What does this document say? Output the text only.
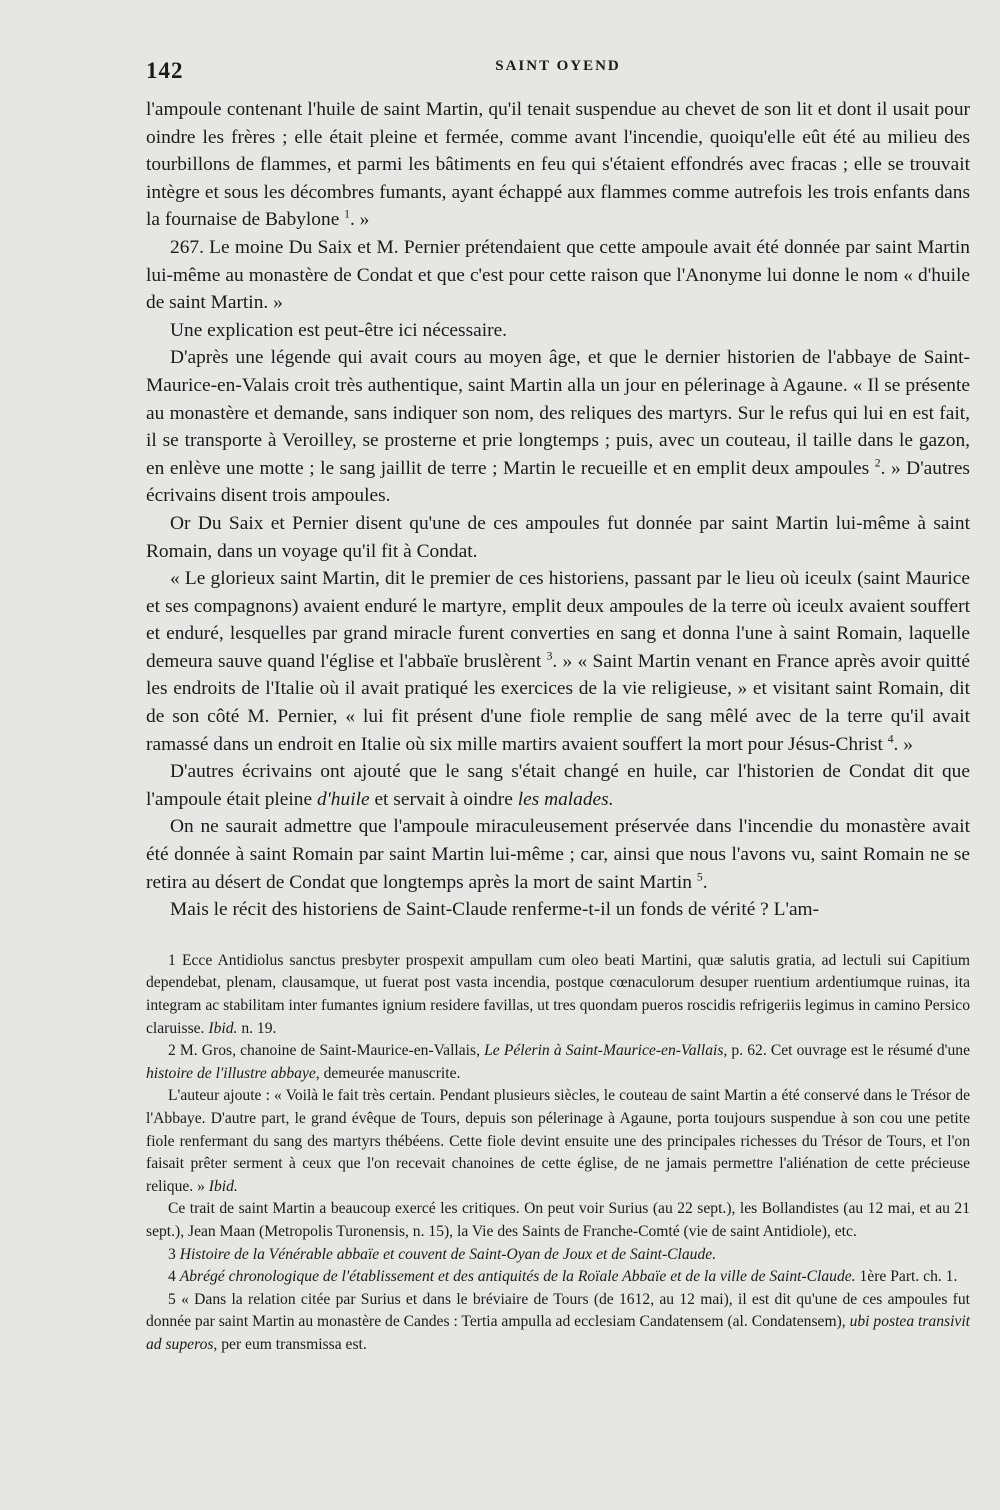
142	SAINT OYEND

l'ampoule contenant l'huile de saint Martin, qu'il tenait suspendue au chevet de son lit et dont il usait pour oindre les frères ; elle était pleine et fermée, comme avant l'incendie, quoiqu'elle eût été au milieu des tourbillons de flammes, et parmi les bâtiments en feu qui s'étaient effondrés avec fracas ; elle se trouvait intègre et sous les décombres fumants, ayant échappé aux flammes comme autrefois les trois enfants dans la fournaise de Babylone $^1$. »

267. Le moine Du Saix et M. Pernier prétendaient que cette ampoule avait été donnée par saint Martin lui-même au monastère de Condat et que c'est pour cette raison que l'Anonyme lui donne le nom « d'huile de saint Martin. »

Une explication est peut-être ici nécessaire.

D'après une légende qui avait cours au moyen âge, et que le dernier historien de l'abbaye de Saint-Maurice-en-Valais croit très authentique, saint Martin alla un jour en pélerinage à Agaune. « Il se présente au monastère et demande, sans indiquer son nom, des reliques des martyrs. Sur le refus qui lui en est fait, il se transporte à Veroilley, se prosterne et prie longtemps ; puis, avec un couteau, il taille dans le gazon, en enlève une motte ; le sang jaillit de terre ; Martin le recueille et en emplit deux ampoules $^2$. » D'autres écrivains disent trois ampoules.

Or Du Saix et Pernier disent qu'une de ces ampoules fut donnée par saint Martin lui-même à saint Romain, dans un voyage qu'il fit à Condat.

« Le glorieux saint Martin, dit le premier de ces historiens, passant par le lieu où iceulx (saint Maurice et ses compagnons) avaient enduré le martyre, emplit deux ampoules de la terre où iceulx avaient souffert et enduré, lesquelles par grand miracle furent converties en sang et donna l'une à saint Romain, laquelle demeura sauve quand l'église et l'abbaïe bruslèrent $^3$. » « Saint Martin venant en France après avoir quitté les endroits de l'Italie où il avait pratiqué les exercices de la vie religieuse, » et visitant saint Romain, dit de son côté M. Pernier, « lui fit présent d'une fiole remplie de sang mêlé avec de la terre qu'il avait ramassé dans un endroit en Italie où six mille martirs avaient souffert la mort pour Jésus-Christ $^4$. »

D'autres écrivains ont ajouté que le sang s'était changé en huile, car l'historien de Condat dit que l'ampoule était pleine d'huile et servait à oindre les malades.

On ne saurait admettre que l'ampoule miraculeusement préservée dans l'incendie du monastère avait été donnée à saint Romain par saint Martin lui-même ; car, ainsi que nous l'avons vu, saint Romain ne se retira au désert de Condat que longtemps après la mort de saint Martin $^5$.

Mais le récit des historiens de Saint-Claude renferme-t-il un fonds de vérité ? L'am-

1 Ecce Antidiolus sanctus presbyter prospexit ampullam cum oleo beati Martini, quæ salutis gratia, ad lectuli sui Capitium dependebat, plenam, clausamque, ut fuerat post vasta incendia, postque cœnaculorum desuper ruentium ardentiumque ruinas, ita integram ac stabilitam inter fumantes ignium residere favillas, ut tres quondam pueros roscidis refrigeriis legimus in camino Persico claruisse. Ibid. n. 19.

2 M. Gros, chanoine de Saint-Maurice-en-Vallais, Le Pélerin à Saint-Maurice-en-Vallais, p. 62. Cet ouvrage est le résumé d'une histoire de l'illustre abbaye, demeurée manuscrite.

L'auteur ajoute : « Voilà le fait très certain. Pendant plusieurs siècles, le couteau de saint Martin a été conservé dans le Trésor de l'Abbaye. D'autre part, le grand évêque de Tours, depuis son pélerinage à Agaune, porta toujours suspendue à son cou une petite fiole renfermant du sang des martyrs thébéens. Cette fiole devint ensuite une des principales richesses du Trésor de Tours, et l'on faisait prêter serment à ceux que l'on recevait chanoines de cette église, de ne jamais permettre l'aliénation de cette précieuse relique. » Ibid.

Ce trait de saint Martin a beaucoup exercé les critiques. On peut voir Surius (au 22 sept.), les Bollandistes (au 12 mai, et au 21 sept.), Jean Maan (Metropolis Turonensis, n. 15), la Vie des Saints de Franche-Comté (vie de saint Antidiole), etc.

3 Histoire de la Vénérable abbaïe et couvent de Saint-Oyan de Joux et de Saint-Claude.

4 Abrégé chronologique de l'établissement et des antiquités de la Roïale Abbaïe et de la ville de Saint-Claude. 1ère Part. ch. 1.

5 « Dans la relation citée par Surius et dans le bréviaire de Tours (de 1612, au 12 mai), il est dit qu'une de ces ampoules fut donnée par saint Martin au monastère de Candes : Tertia ampulla ad ecclesiam Candatensem (al. Condatensem), ubi postea transivit ad superos, per eum transmissa est.
